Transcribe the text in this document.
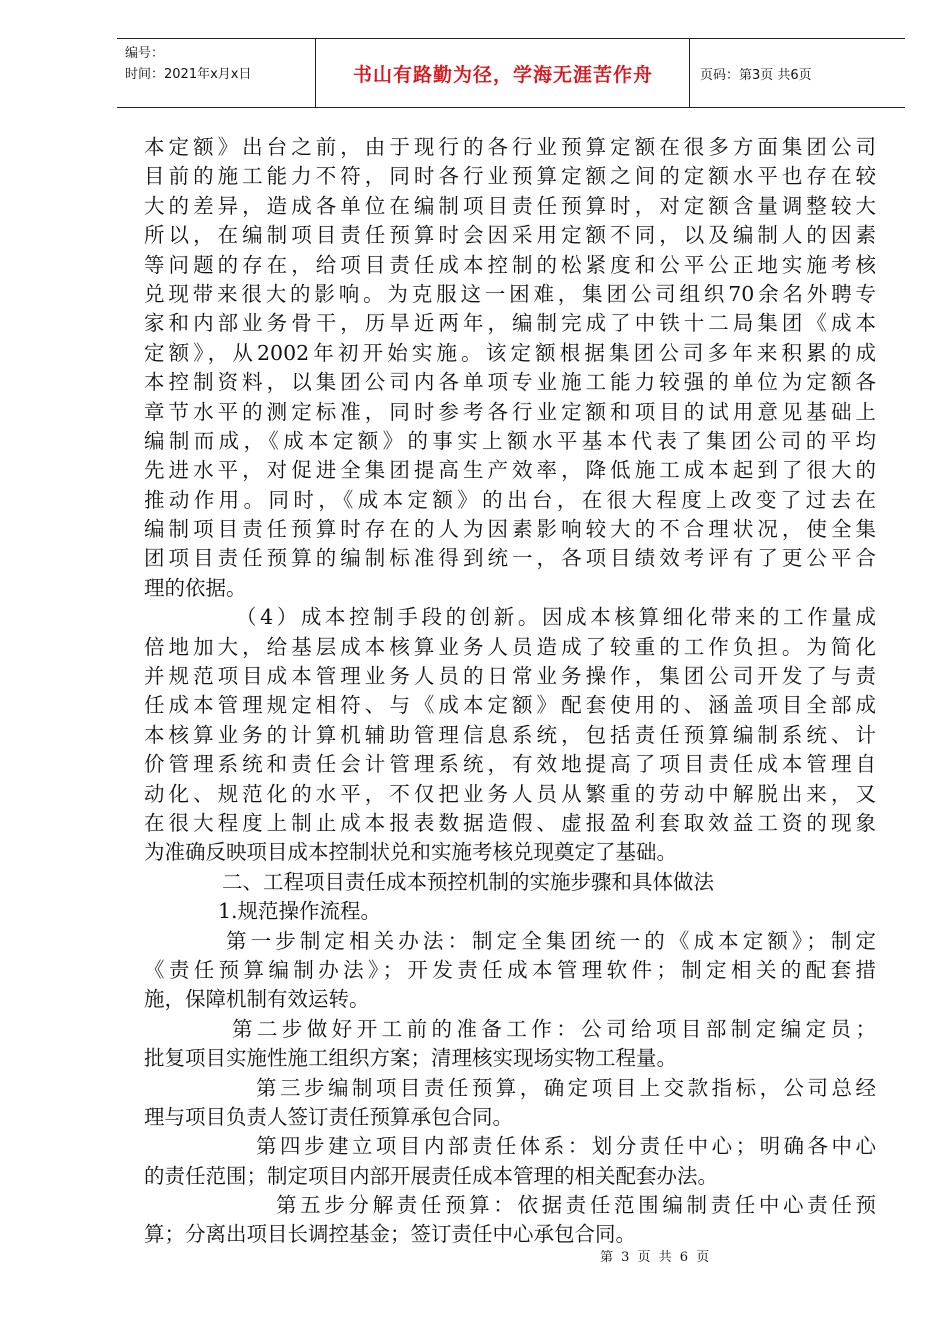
编号：
时间：2021年x月x日	书山有路勤为径，学海无涯苦作舟	页码：第3页 共6页
本定额》出台之前，由于现行的各行业预算定额在很多方面集团公司
目前的施工能力不符，同时各行业预算定额之间的定额水平也存在较
大的差异，造成各单位在编制项目责任预算时，对定额含量调整较大
所以，在编制项目责任预算时会因采用定额不同，以及编制人的因素
等问题的存在，给项目责任成本控制的松紧度和公平公正地实施考核
兑现带来很大的影响。为克服这一困难，集团公司组织70余名外聘专
家和内部业务骨干，历旱近两年，编制完成了中铁十二局集团《成本
定额》，从2002年初开始实施。该定额根据集团公司多年来积累的成
本控制资料，以集团公司内各单项专业施工能力较强的单位为定额各
章节水平的测定标准，同时参考各行业定额和项目的试用意见基础上
编制而成，《成本定额》的事实上额水平基本代表了集团公司的平均
先进水平，对促进全集团提高生产效率，降低施工成本起到了很大的
推动作用。同时，《成本定额》的出台，在很大程度上改变了过去在
编制项目责任预算时存在的人为因素影响较大的不合理状况，使全集
团项目责任预算的编制标准得到统一，各项目绩效考评有了更公平合
理的依据。
（4）成本控制手段的创新。因成本核算细化带来的工作量成
倍地加大，给基层成本核算业务人员造成了较重的工作负担。为简化
并规范项目成本管理业务人员的日常业务操作，集团公司开发了与责
任成本管理规定相符、与《成本定额》配套使用的、涵盖项目全部成
本核算业务的计算机辅助管理信息系统，包括责任预算编制系统、计
价管理系统和责任会计管理系统，有效地提高了项目责任成本管理自
动化、规范化的水平，不仅把业务人员从繁重的劳动中解脱出来，又
在很大程度上制止成本报表数据造假、虚报盈利套取效益工资的现象
为准确反映项目成本控制状兑和实施考核兑现奠定了基础。
二、工程项目责任成本预控机制的实施步骤和具体做法
1.规范操作流程。
第一步制定相关办法：制定全集团统一的《成本定额》；制定
《责任预算编制办法》；开发责任成本管理软件；制定相关的配套措
施，保障机制有效运转。
第二步做好开工前的准备工作：公司给项目部制定编定员；
批复项目实施性施工组织方案；清理核实现场实物工程量。
第三步编制项目责任预算，确定项目上交款指标，公司总经
理与项目负责人签订责任预算承包合同。
第四步建立项目内部责任体系：划分责任中心；明确各中心
的责任范围；制定项目内部开展责任成本管理的相关配套办法。
第五步分解责任预算：依据责任范围编制责任中心责任预
算；分离出项目长调控基金；签订责任中心承包合同。
第 3 页 共 6 页
